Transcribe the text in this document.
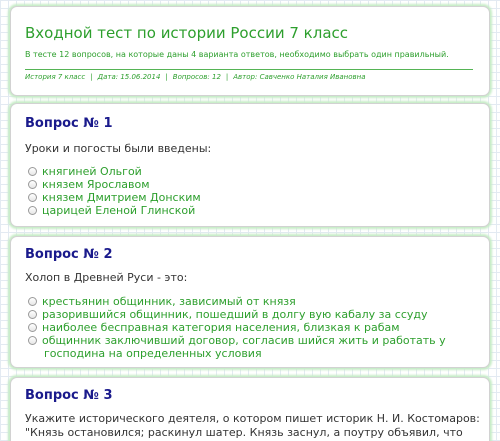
Входной тест по истории России 7 класс
В тесте 12 вопросов, на которые даны 4 варианта ответов, необходимо выбрать один правильный.
История 7 класс | Дата: 15.06.2014 | Вопросов: 12 | Автор: Савченко Наталия Ивановна
Вопрос № 1
Уроки и погосты были введены:
княгиней Ольгой
князем Ярославом
князем Дмитрием Донским
царицей Еленой Глинской
Вопрос № 2
Холоп в Древней Руси - это:
крестьянин общинник, зависимый от князя
разорившийся общинник, пошедший в долгу вую кабалу за ссуду
наиболее бесправная категория населения, близкая к рабам
общинник заключивший договор, согласив шийся жить и работать у
господина на определенных условия
Вопрос № 3
Укажите исторического деятеля, о котором пишет историк Н. И. Костомаров:
"Князь остановился; раскинул шатер. Князь заснул, а поутру объявил, что
